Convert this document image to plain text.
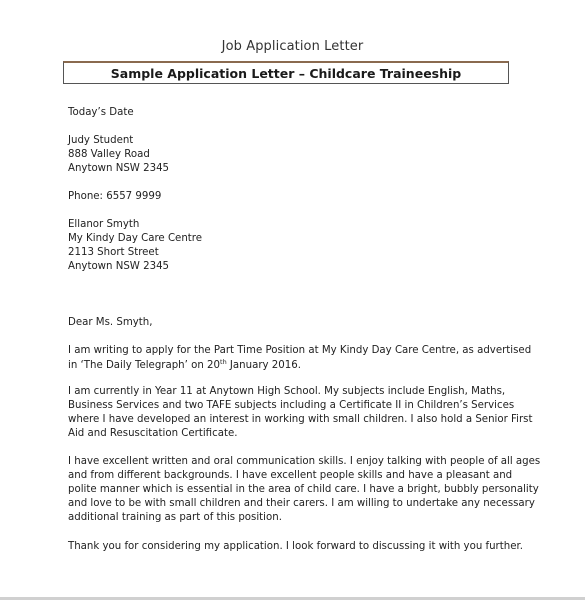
Job Application Letter
Sample Application Letter – Childcare Traineeship
Today’s Date
Judy Student
888 Valley Road
Anytown NSW 2345
Phone: 6557 9999
Ellanor Smyth
My Kindy Day Care Centre
2113 Short Street
Anytown NSW 2345
Dear Ms. Smyth,
I am writing to apply for the Part Time Position at My Kindy Day Care Centre, as advertised
in ‘The Daily Telegraph’ on 20th January 2016.
I am currently in Year 11 at Anytown High School. My subjects include English, Maths,
Business Services and two TAFE subjects including a Certificate II in Children’s Services
where I have developed an interest in working with small children. I also hold a Senior First
Aid and Resuscitation Certificate.
I have excellent written and oral communication skills. I enjoy talking with people of all ages
and from different backgrounds. I have excellent people skills and have a pleasant and
polite manner which is essential in the area of child care. I have a bright, bubbly personality
and love to be with small children and their carers. I am willing to undertake any necessary
additional training as part of this position.
Thank you for considering my application. I look forward to discussing it with you further.
